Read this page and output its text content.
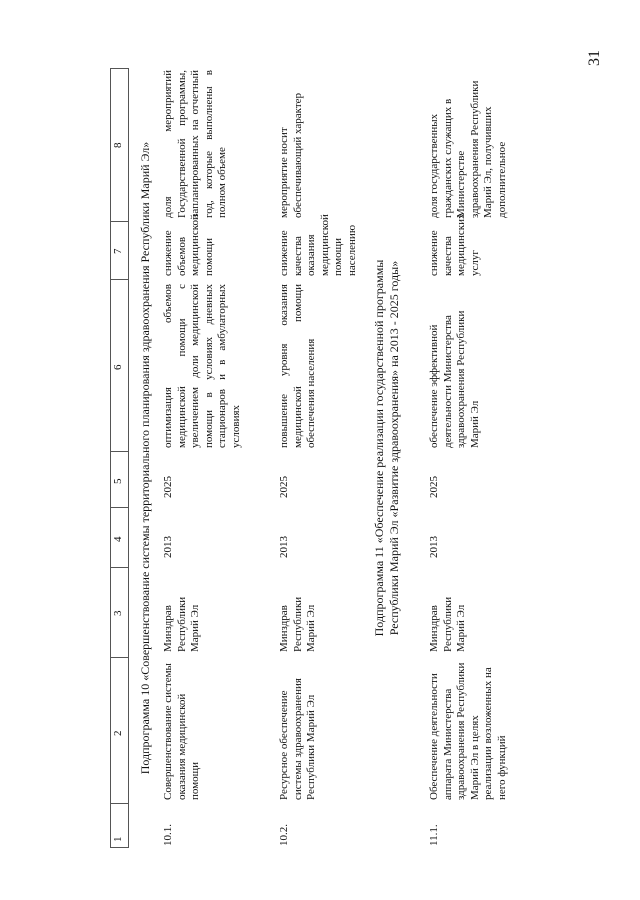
31
1
2
3
4
5
6
7
8 Подпрограмма 10 «Совершенствование системы территориального планирования здравоохранения Республики Марий Эл»
10.1.
Совершенствование системы оказания медицинской помощи
Минздрав Республики Марий Эл
2013
2025
оптимизация объемов медицинской помощи с увеличением доли медицинской помощи в условиях дневных стационаров и в амбулаторных условиях
снижение объемов медицинской помощи
доля мероприятий Государственной программы, запланированных на отчетный год, которые выполнены в полном объеме
10.2.
Ресурсное обеспечение системы здравоохранения Республики Марий Эл
Минздрав Республики Марий Эл
2013
2025
повышение уровня оказания медицинской помощи обеспечения населения
снижение качества оказания медицинской помощи населению
мероприятие носит обеспечивающий характер
Подпрограмма 11 «Обеспечение реализации государственной программы Республики Марий Эл «Развитие здравоохранения» на 2013 - 2025 годы»
11.1.
Обеспечение деятельности аппарата Министерства здравоохранения Республики Марий Эл в целях реализации возложенных на него функций
Минздрав Республики Марий Эл
2013
2025
обеспечение эффективной деятельности Министерства здравоохранения Республики Марий Эл
снижение качества медицинских услуг
доля государственных гражданских служащих в Министерстве здравоохранения Республики Марий Эл, получивших дополнительное
